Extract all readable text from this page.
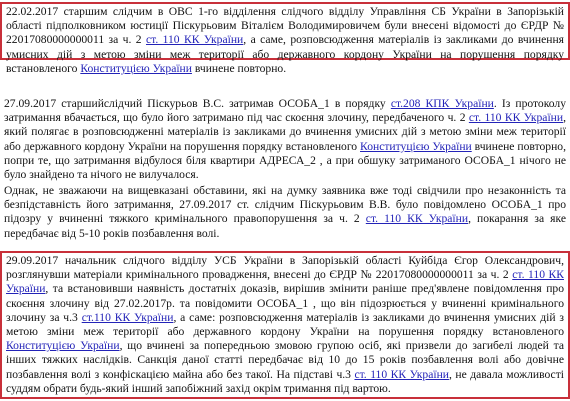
22.02.2017 старшим слідчим в ОВС 1-го відділення слідчого відділу Управління СБ України в Запорізькій області підполковником юстиції Піскурьовим Віталієм Володимировичем були внесені відомості до ЄРДР № 22017080000000011 за ч. 2 ст. 110 КК України, а саме, розповсюдження матеріалів із закликами до вчинення умисних дій з метою зміни меж території або державного кордону України на порушення порядку встановленого Конституцією України вчинене повторно.
27.09.2017 старшийслідчий Піскурьов В.С. затримав ОСОБА_1 в порядку ст.208 КПК України. Із протоколу затримання вбачається, що було його затримано під час скоєння злочину, передбаченого ч. 2 ст. 110 КК України, який полягає в розповсюдженні матеріалів із закликами до вчинення умисних дій з метою зміни меж території або державного кордону України на порушення порядку встановленого Конституцією України вчинене повторно, попри те, що затримання відбулося біля квартири АДРЕСА_2 , а при обшуку затриманого ОСОБА_1 нічого не було знайдено та нічого не вилучалося.
Однак, не зважаючи на вищевказані обставини, які на думку заявника вже тоді свідчили про незаконність та безпідставність його затримання, 27.09.2017 ст. слідчим Піскурьовим В.В. було повідомлено ОСОБА_1 про підозру у вчиненні тяжкого кримінального правопорушення за ч. 2 ст. 110 КК України, покарання за яке передбачає від 5-10 років позбавлення волі.
29.09.2017 начальник слідчого відділу УСБ України в Запорізькій області Куйбіда Єгор Олександрович, розглянувши матеріали кримінального провадження, внесені до ЄРДР № 22017080000000011 за ч. 2 ст. 110 КК України, та встановивши наявність достатніх доказів, вирішив змінити раніше пред'явлене повідомлення про скоєння злочину від 27.02.2017р. та повідомити ОСОБА_1 , що він підозрюється у вчиненні кримінального злочину за ч.3 ст.110 КК України, а саме: розповсюдження матеріалів із закликами до вчинення умисних дій з метою зміни меж території або державного кордону України на порушення порядку встановленого Конституцією України, що вчинені за попередньою змовою групою осіб, які призвели до загибелі людей та інших тяжких наслідків. Санкція даної статті передбачає від 10 до 15 років позбавлення волі або довічне позбавлення волі з конфіскацією майна або без такої. На підставі ч.3 ст. 110 КК України, не давала можливості суддям обрати будь-який інший запобіжний захід окрім тримання під вартою.
